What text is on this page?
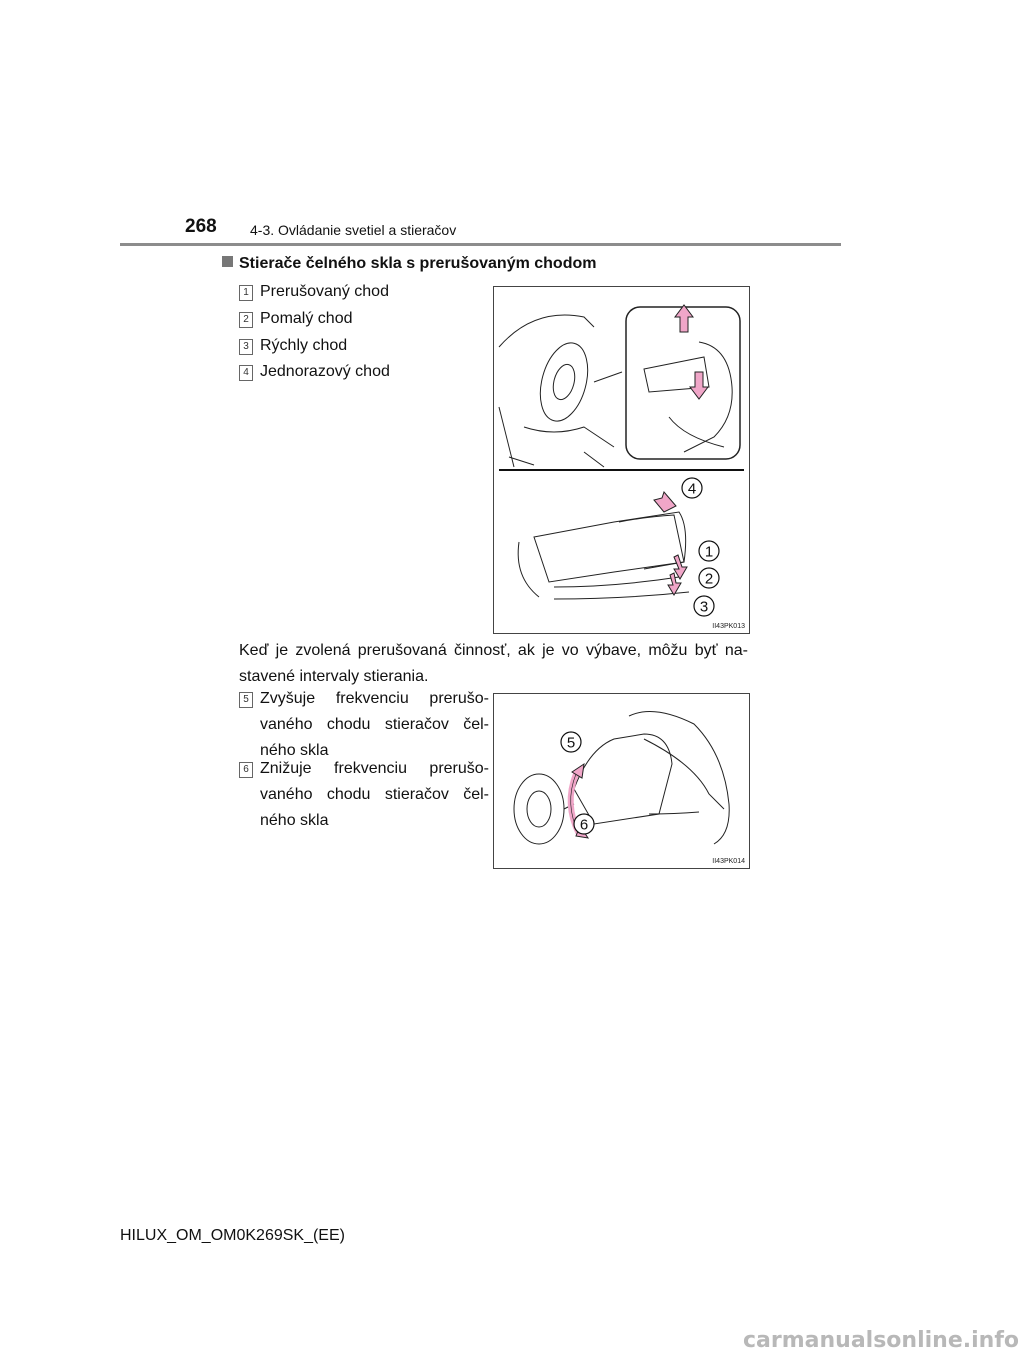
268 4-3. Ovládanie svetiel a stieračov
Stierače čelného skla s prerušovaným chodom
1 Prerušovaný chod
2 Pomalý chod
3 Rýchly chod
4 Jednorazový chod
4
1
2
3
II43PK013
Keď je zvolená prerušovaná činnosť, ak je vo výbave, môžu byť na-stavené intervaly stierania.
5 Zvyšuje frekvenciu prerušo-vaného chodu stieračov čel-ného skla
6 Znižuje frekvenciu prerušo-vaného chodu stieračov čel-ného skla
5
6
II43PK014
HILUX_OM_OM0K269SK_(EE)
carmanualsonline.info
